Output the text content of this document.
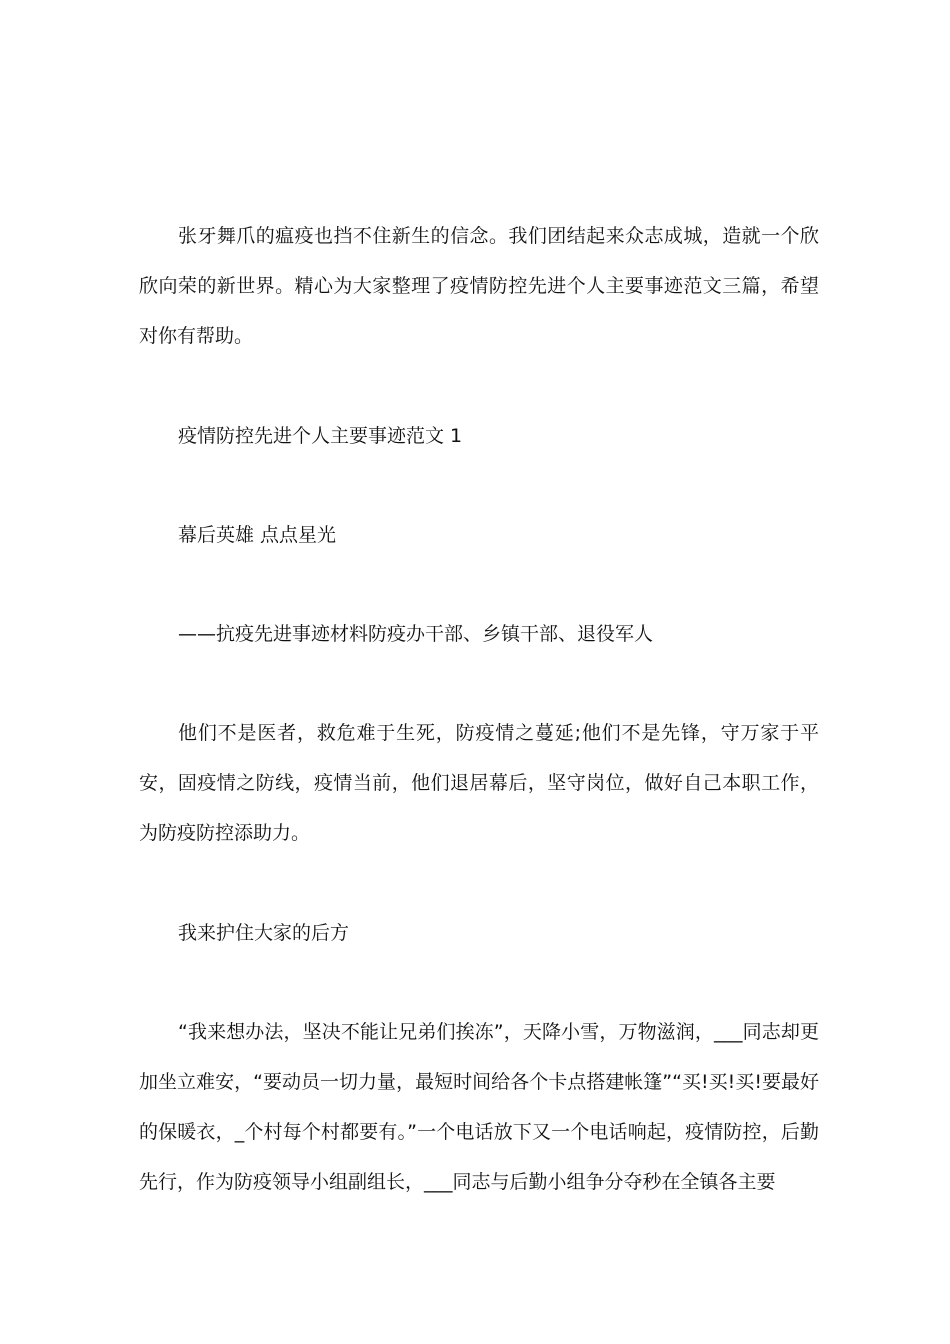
张牙舞爪的瘟疫也挡不住新生的信念。我们团结起来众志成城，造就一个欣欣向荣的新世界。精心为大家整理了疫情防控先进个人主要事迹范文三篇，希望对你有帮助。

疫情防控先进个人主要事迹范文 1

幕后英雄 点点星光

——抗疫先进事迹材料防疫办干部、乡镇干部、退役军人

他们不是医者，救危难于生死，防疫情之蔓延;他们不是先锋，守万家于平安，固疫情之防线，疫情当前，他们退居幕后，坚守岗位，做好自己本职工作，为防疫防控添助力。

我来护住大家的后方

“我来想办法，坚决不能让兄弟们挨冻”，天降小雪，万物滋润，___同志却更加坐立难安，“要动员一切力量，最短时间给各个卡点搭建帐篷”“买!买!买!要最好的保暖衣，_个村每个村都要有。”一个电话放下又一个电话响起，疫情防控，后勤先行，作为防疫领导小组副组长，___同志与后勤小组争分夺秒在全镇各主要
